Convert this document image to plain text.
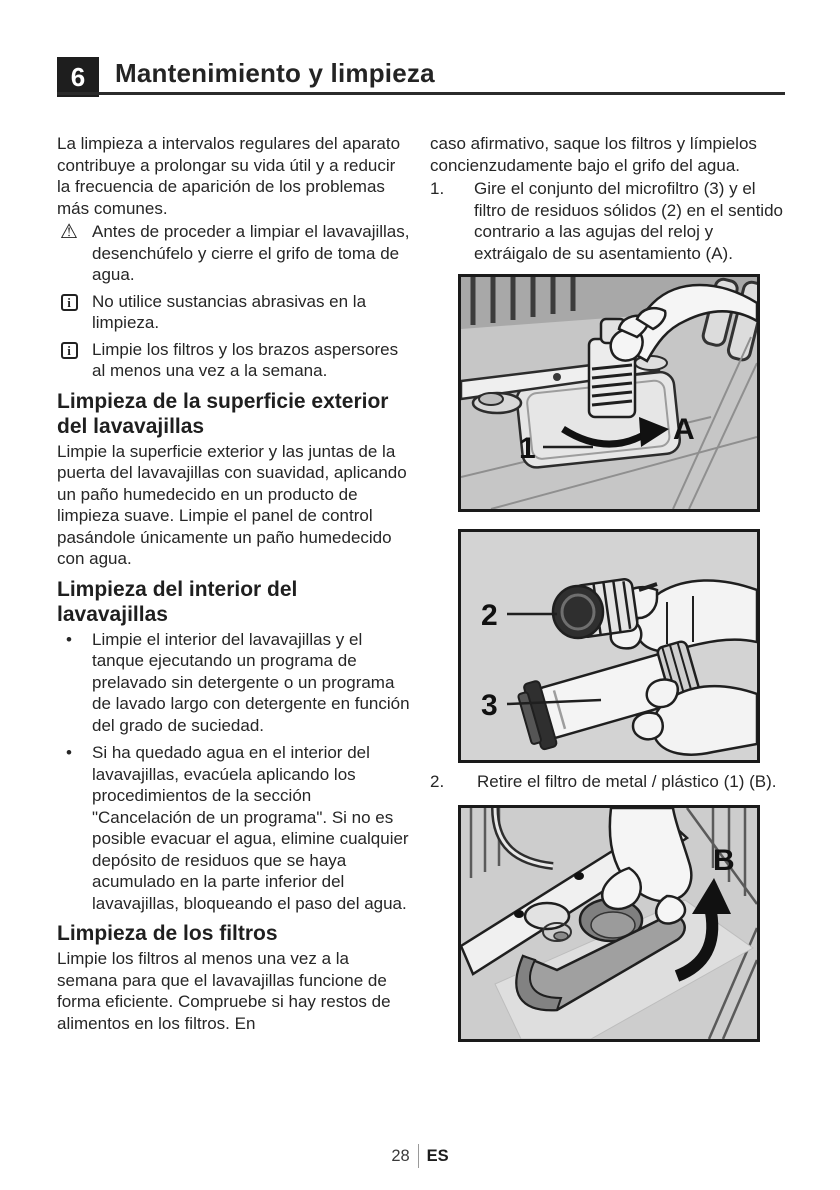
6	Mantenimiento y limpieza

La limpieza a intervalos regulares del aparato contribuye a prolongar su vida útil y a reducir la frecuencia de aparición de los problemas más comunes.

⚠ Antes de proceder a limpiar el lavavajillas, desenchúfelo y cierre el grifo de toma de agua.

i	No utilice sustancias abrasivas en la limpieza.

i	Limpie los filtros y los brazos aspersores al menos una vez a la semana.

Limpieza de la superficie exterior del lavavajillas

Limpie la superficie exterior y las juntas de la puerta del lavavajillas con suavidad, aplicando un paño humedecido en un producto de limpieza suave. Limpie el panel de control pasándole únicamente un paño humedecido con agua.

Limpieza del interior del lavavajillas
•	Limpie el interior del lavavajillas y el tanque ejecutando un programa de prelavado sin detergente o un programa de lavado largo con detergente en función del grado de suciedad.

•	Si ha quedado agua en el interior del lavavajillas, evacúela aplicando los procedimientos de la sección "Cancelación de un programa". Si no es posible evacuar el agua, elimine cualquier depósito de residuos que se haya acumulado en la parte inferior del lavavajillas, bloqueando el paso del agua.

Limpieza de los filtros

Limpie los filtros al menos una vez a la semana para que el lavavajillas funcione de forma eficiente. Compruebe si hay restos de alimentos en los filtros. En

caso afirmativo, saque los filtros y límpielos concienzudamente bajo el grifo del agua.

1. Gire el conjunto del microfiltro (3) y el filtro de residuos sólidos (2) en el sentido contrario a las agujas del reloj y extráigalo de su asentamiento (A).
A
1
2
3
2. Retire el filtro de metal / plástico (1) (B).
B
28	ES
